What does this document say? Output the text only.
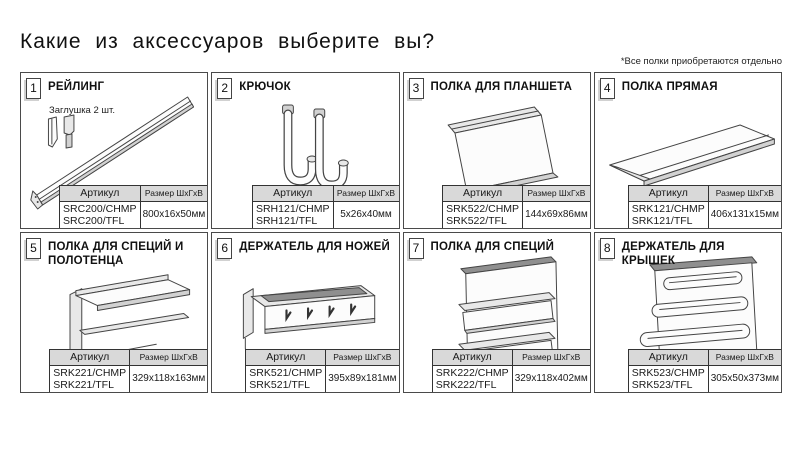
Какие из аксессуаров выберите вы?
*Все полки приобретаются отдельно
1 РЕЙЛИНГ
Заглушка 2 шт.
Артикул	Размер ШхГхВ

SRC200/CHMP
SRC200/TFL	800x16x50мм
2 КРЮЧОК
Артикул	Размер ШхГхВ

SRH121/CHMP
SRH121/TFL	5x26x40мм
3 ПОЛКА ДЛЯ ПЛАНШЕТА
Артикул	Размер ШхГхВ

SRK522/CHMP
SRK522/TFL	144x69x86мм
4 ПОЛКА ПРЯМАЯ
Артикул	Размер ШхГхВ

SRK121/CHMP
SRK121/TFL	406x131x15мм
5 ПОЛКА ДЛЯ СПЕЦИЙ И ПОЛОТЕНЦА
Артикул	Размер ШхГхВ

SRK221/CHMP
SRK221/TFL	329x118x163мм
6 ДЕРЖАТЕЛЬ ДЛЯ НОЖЕЙ
Артикул	Размер ШхГхВ

SRK521/CHMP
SRK521/TFL	395x89x181мм
7 ПОЛКА ДЛЯ СПЕЦИЙ
Артикул	Размер ШхГхВ

SRK222/CHMP
SRK222/TFL	329x118x402мм
8 ДЕРЖАТЕЛЬ ДЛЯ КРЫШЕК
Артикул	Размер ШхГхВ

SRK523/CHMP
SRK523/TFL	305x50x373мм
